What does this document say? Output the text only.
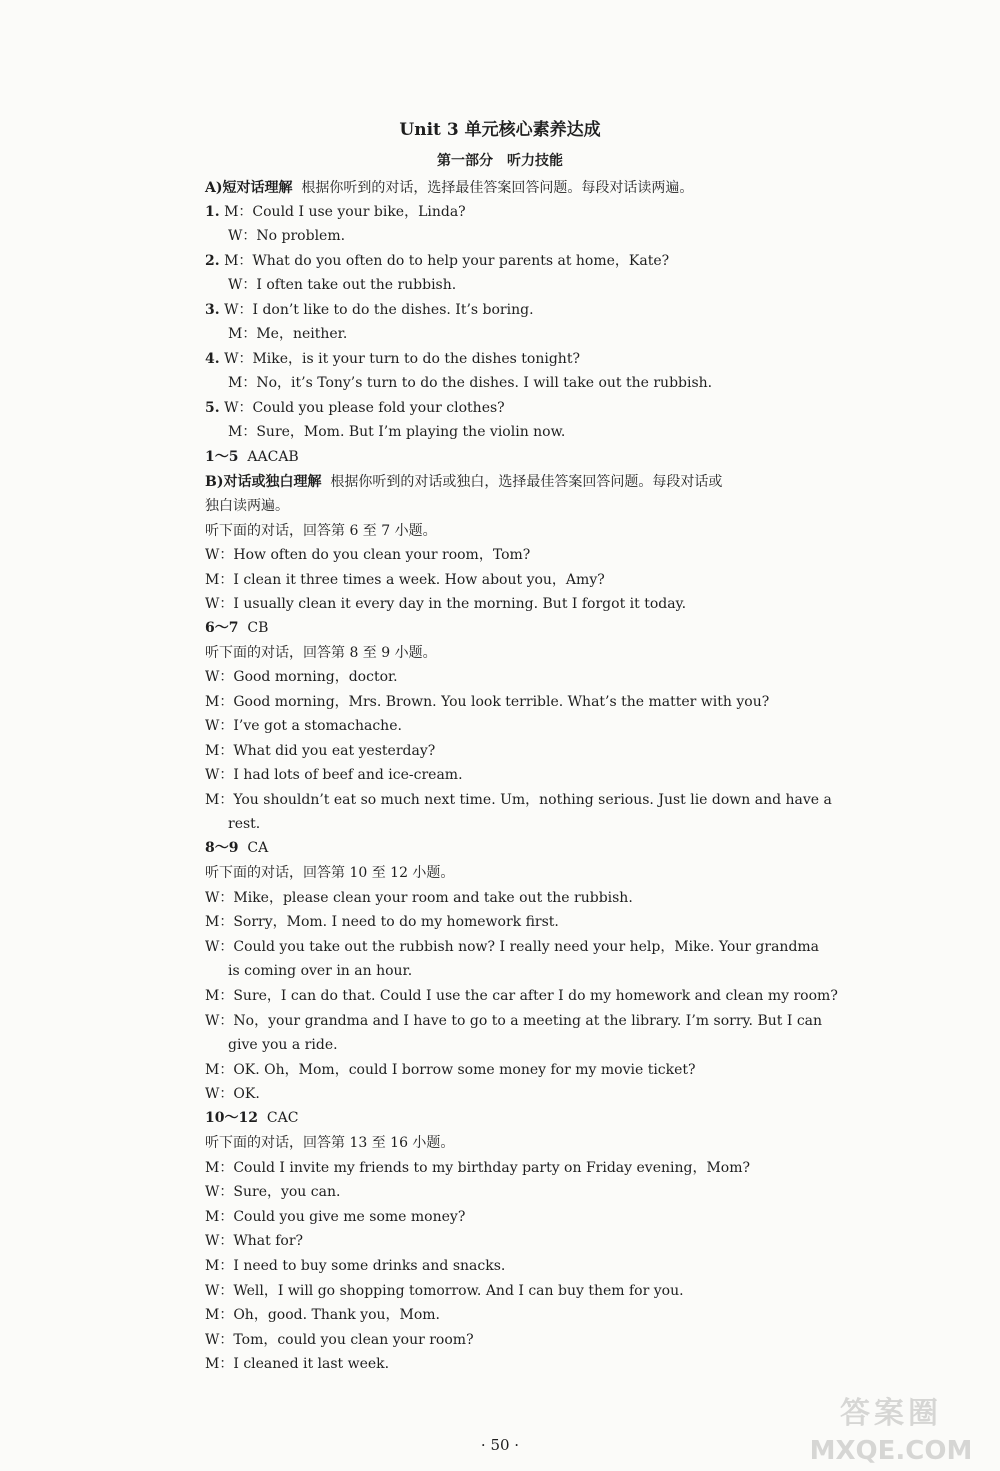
Unit 3 单元核心素养达成
第一部分　听力技能
A)短对话理解 根据你听到的对话，选择最佳答案回答问题。每段对话读两遍。
1. M：Could I use your bike，Linda?
W：No problem.
2. M：What do you often do to help your parents at home，Kate?
W：I often take out the rubbish.
3. W：I don’t like to do the dishes. It’s boring.
M：Me，neither.
4. W：Mike，is it your turn to do the dishes tonight?
M：No，it’s Tony’s turn to do the dishes. I will take out the rubbish.
5. W：Could you please fold your clothes?
M：Sure，Mom. But I’m playing the violin now.
1～5 AACAB
B)对话或独白理解 根据你听到的对话或独白，选择最佳答案回答问题。每段对话或
独白读两遍。
听下面的对话，回答第 6 至 7 小题。
W：How often do you clean your room，Tom?
M：I clean it three times a week. How about you，Amy?
W：I usually clean it every day in the morning. But I forgot it today.
6～7 CB
听下面的对话，回答第 8 至 9 小题。
W：Good morning，doctor.
M：Good morning，Mrs. Brown. You look terrible. What’s the matter with you?
W：I’ve got a stomachache.
M：What did you eat yesterday?
W：I had lots of beef and ice-cream.
M：You shouldn’t eat so much next time. Um，nothing serious. Just lie down and have a
rest.
8～9 CA
听下面的对话，回答第 10 至 12 小题。
W：Mike，please clean your room and take out the rubbish.
M：Sorry，Mom. I need to do my homework first.
W：Could you take out the rubbish now? I really need your help，Mike. Your grandma
is coming over in an hour.
M：Sure，I can do that. Could I use the car after I do my homework and clean my room?
W：No，your grandma and I have to go to a meeting at the library. I’m sorry. But I can
give you a ride.
M：OK. Oh，Mom，could I borrow some money for my movie ticket?
W：OK.
10～12 CAC
听下面的对话，回答第 13 至 16 小题。
M：Could I invite my friends to my birthday party on Friday evening，Mom?
W：Sure，you can.
M：Could you give me some money?
W：What for?
M：I need to buy some drinks and snacks.
W：Well，I will go shopping tomorrow. And I can buy them for you.
M：Oh，good. Thank you，Mom.
W：Tom，could you clean your room?
M：I cleaned it last week.
· 50 ·
答案圈
MXQE.COM
